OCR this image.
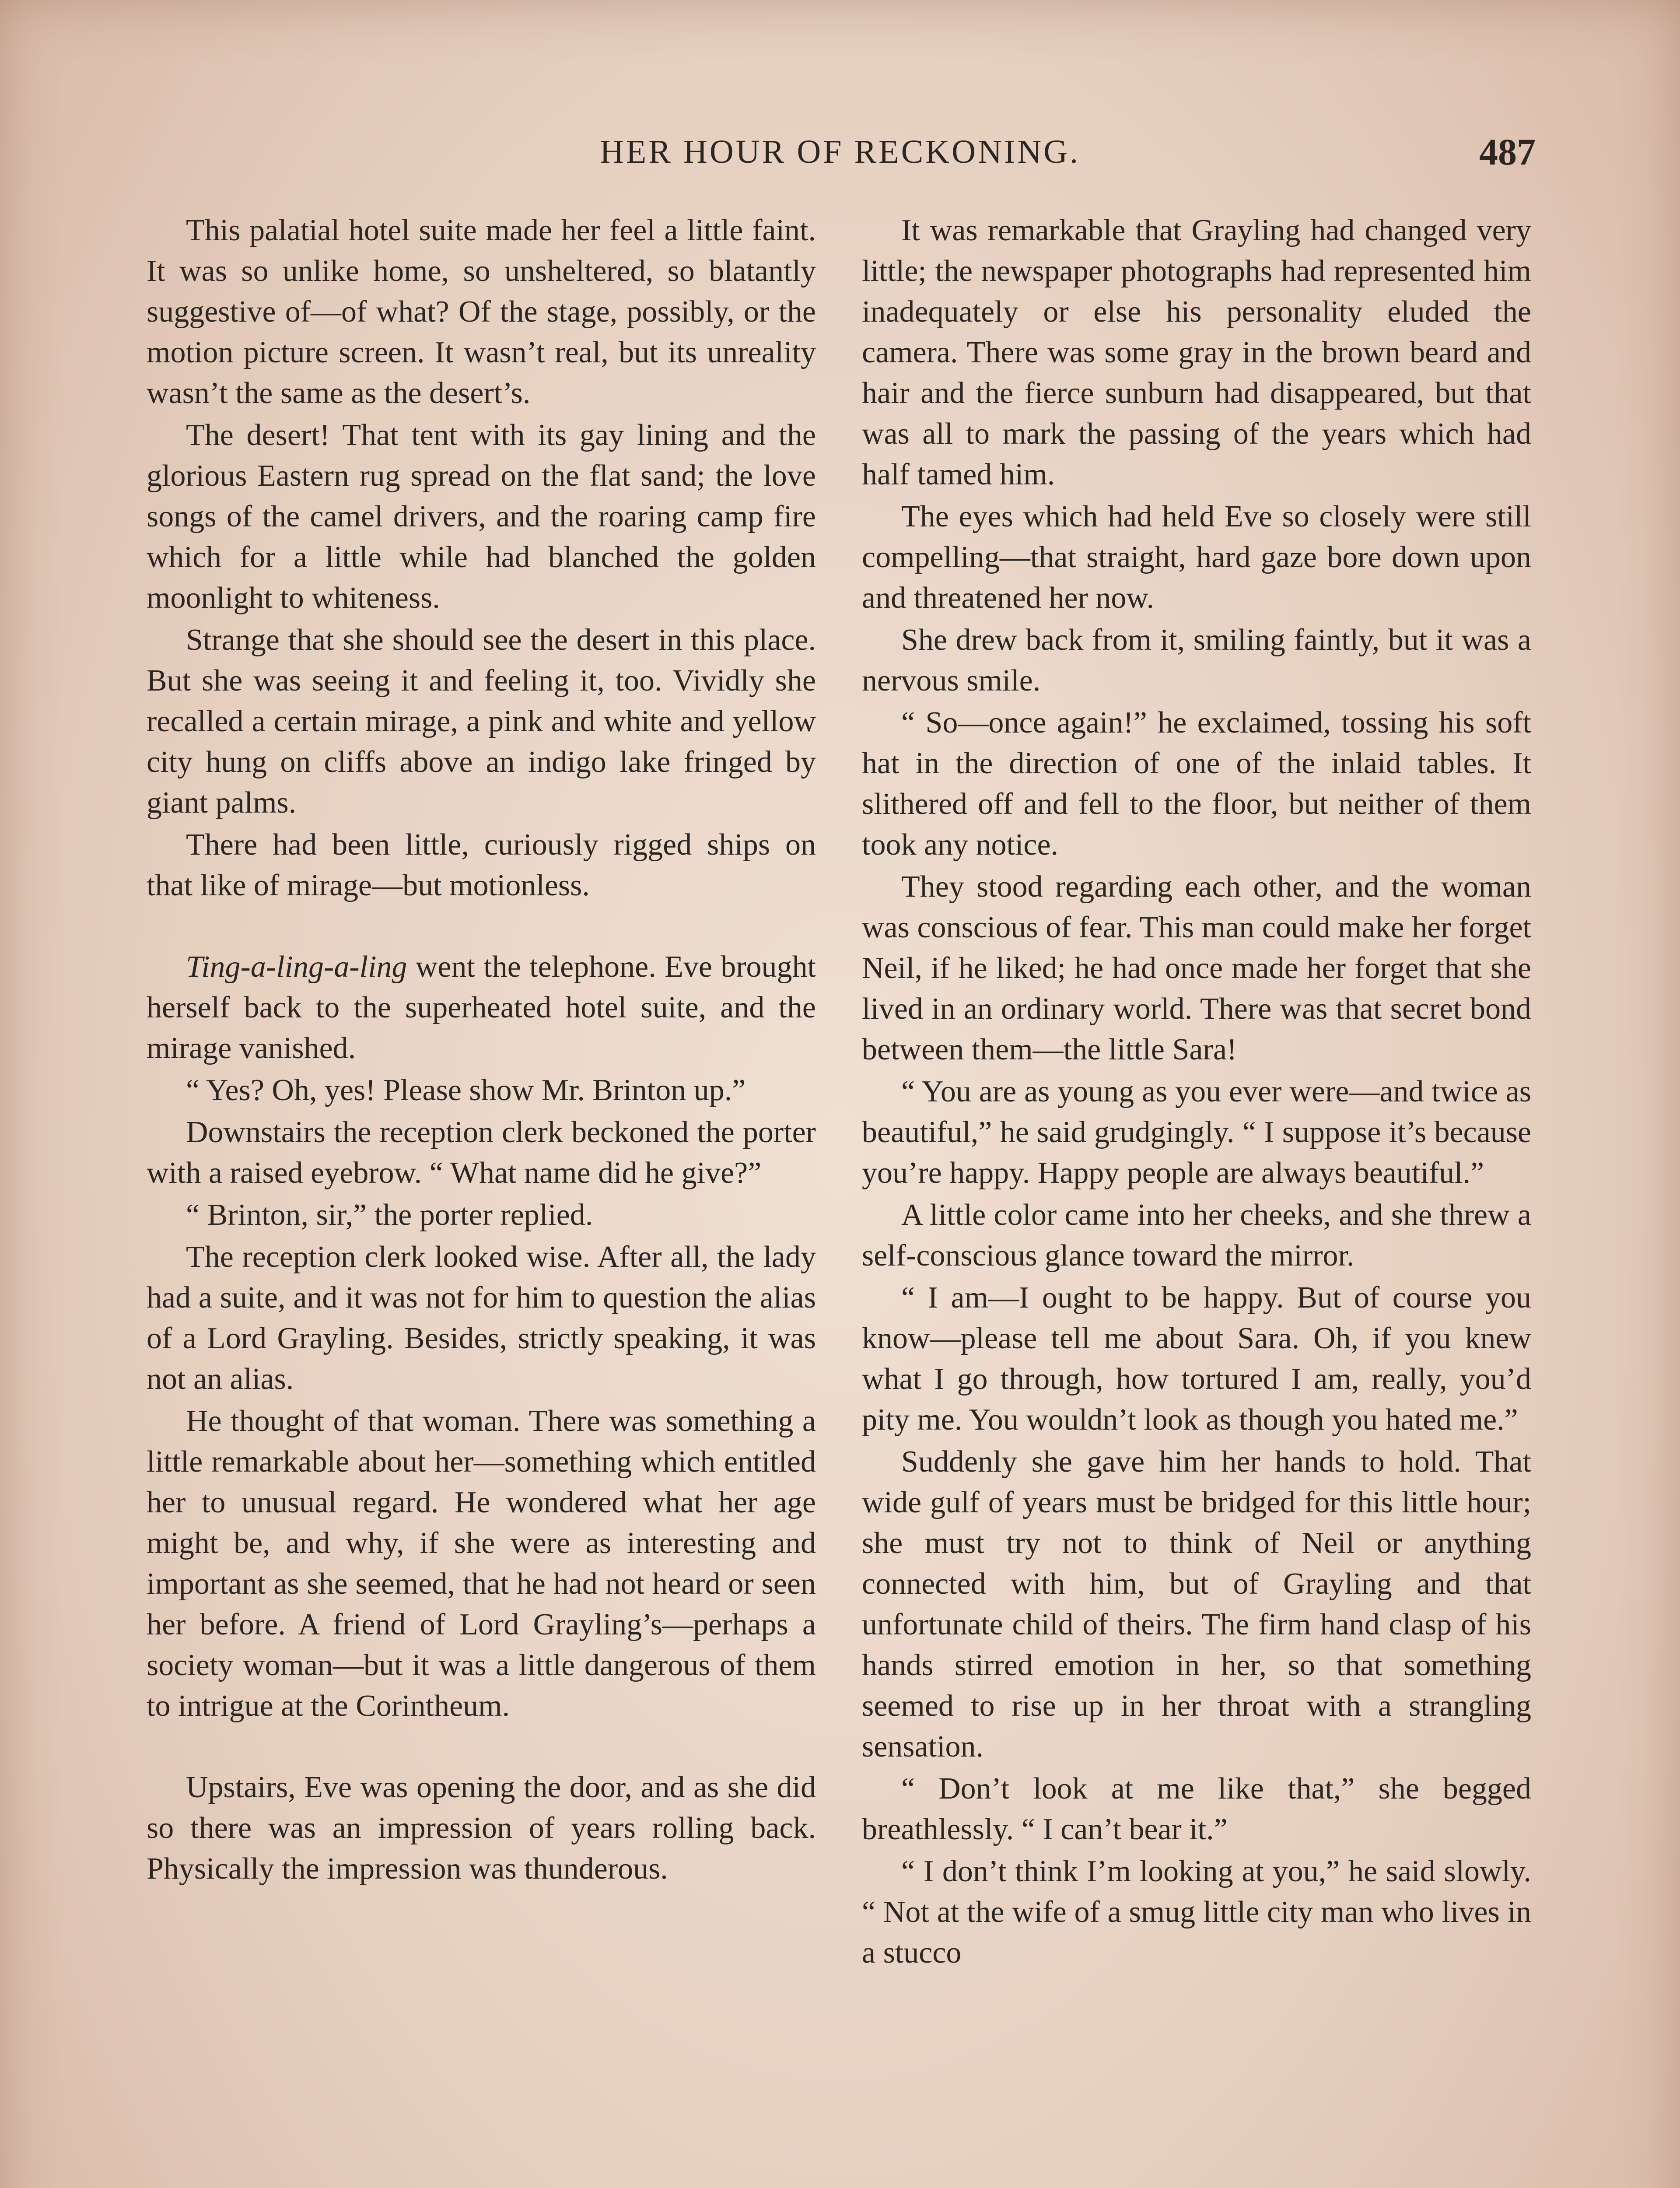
HER HOUR OF RECKONING.	487

This palatial hotel suite made her feel a little faint. It was so unlike home, so unsheltered, so blatantly suggestive of—of what? Of the stage, possibly, or the motion picture screen. It wasn’t real, but its unreality wasn’t the same as the desert’s.

The desert! That tent with its gay lining and the glorious Eastern rug spread on the flat sand; the love songs of the camel drivers, and the roaring camp fire which for a little while had blanched the golden moonlight to whiteness.

Strange that she should see the desert in this place. But she was seeing it and feeling it, too. Vividly she recalled a certain mirage, a pink and white and yellow city hung on cliffs above an indigo lake fringed by giant palms.

There had been little, curiously rigged ships on that like of mirage—but motionless.

Ting-a-ling-a-ling went the telephone. Eve brought herself back to the superheated hotel suite, and the mirage vanished.

“ Yes? Oh, yes! Please show Mr. Brinton up.”

Downstairs the reception clerk beckoned the porter with a raised eyebrow. “ What name did he give?”

“ Brinton, sir,” the porter replied.

The reception clerk looked wise. After all, the lady had a suite, and it was not for him to question the alias of a Lord Grayling. Besides, strictly speaking, it was not an alias.

He thought of that woman. There was something a little remarkable about her—something which entitled her to unusual regard. He wondered what her age might be, and why, if she were as interesting and important as she seemed, that he had not heard or seen her before. A friend of Lord Grayling’s—perhaps a society woman—but it was a little dangerous of them to intrigue at the Corintheum.

Upstairs, Eve was opening the door, and as she did so there was an impression of years rolling back. Physically the impression was thunderous.

It was remarkable that Grayling had changed very little; the newspaper photographs had represented him inadequately or else his personality eluded the camera. There was some gray in the brown beard and hair and the fierce sunburn had disappeared, but that was all to mark the passing of the years which had half tamed him.

The eyes which had held Eve so closely were still compelling—that straight, hard gaze bore down upon and threatened her now.

She drew back from it, smiling faintly, but it was a nervous smile.

“ So—once again!” he exclaimed, tossing his soft hat in the direction of one of the inlaid tables. It slithered off and fell to the floor, but neither of them took any notice.

They stood regarding each other, and the woman was conscious of fear. This man could make her forget Neil, if he liked; he had once made her forget that she lived in an ordinary world. There was that secret bond between them—the little Sara!

“ You are as young as you ever were—and twice as beautiful,” he said grudgingly. “ I suppose it’s because you’re happy. Happy people are always beautiful.”

A little color came into her cheeks, and she threw a self-conscious glance toward the mirror.

“ I am—I ought to be happy. But of course you know—please tell me about Sara. Oh, if you knew what I go through, how tortured I am, really, you’d pity me. You wouldn’t look as though you hated me.”

Suddenly she gave him her hands to hold. That wide gulf of years must be bridged for this little hour; she must try not to think of Neil or anything connected with him, but of Grayling and that unfortunate child of theirs. The firm hand clasp of his hands stirred emotion in her, so that something seemed to rise up in her throat with a strangling sensation.

“ Don’t look at me like that,” she begged breathlessly. “ I can’t bear it.”

“ I don’t think I’m looking at you,” he said slowly. “ Not at the wife of a smug little city man who lives in a stucco
